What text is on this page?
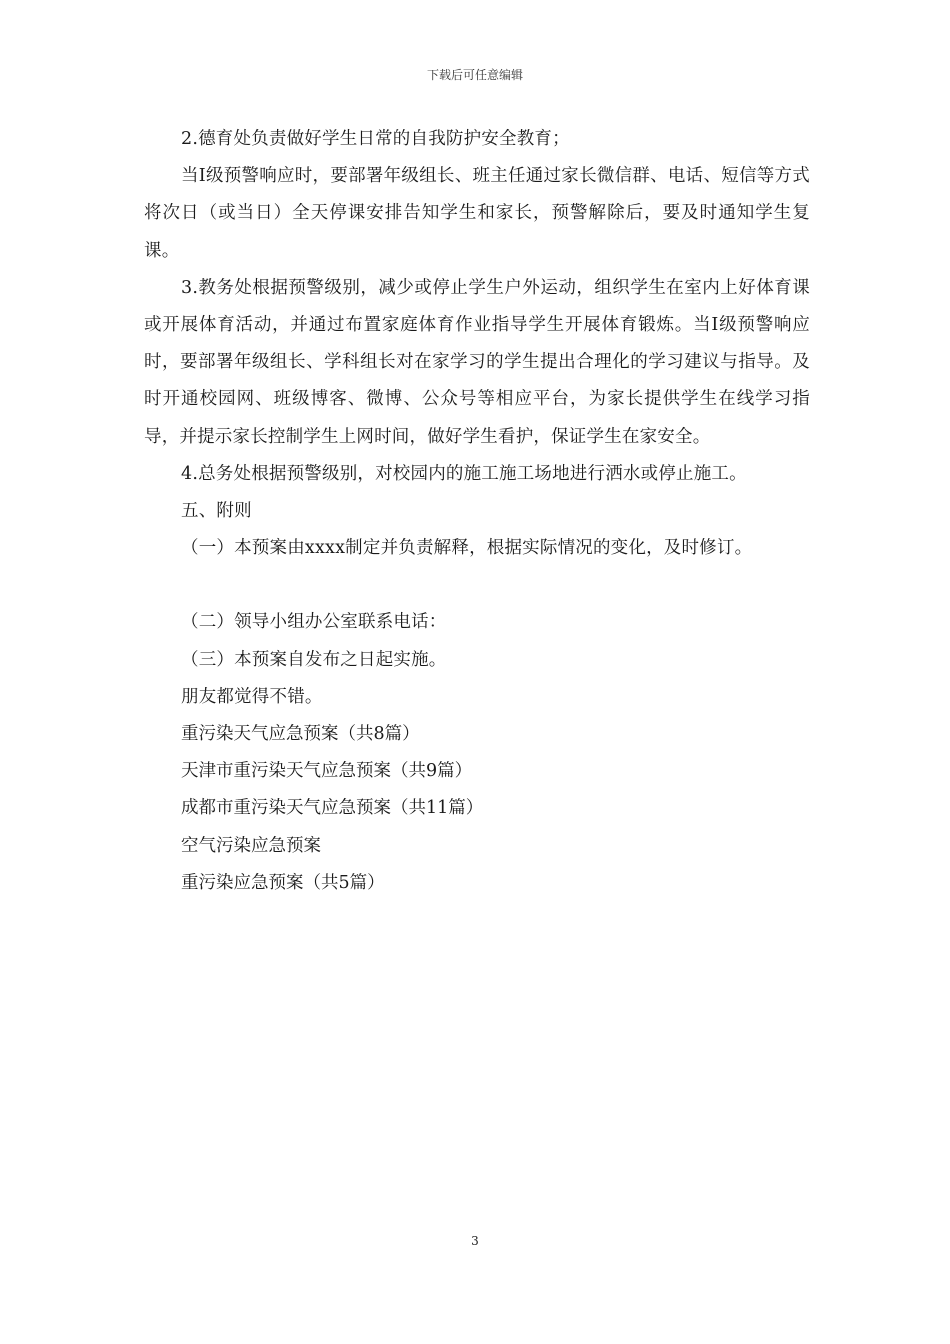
下载后可任意编辑

2.德育处负责做好学生日常的自我防护安全教育；

当Ⅰ级预警响应时，要部署年级组长、班主任通过家长微信群、电话、短信等方式将次日（或当日）全天停课安排告知学生和家长，预警解除后，要及时通知学生复课。

3.教务处根据预警级别，减少或停止学生户外运动，组织学生在室内上好体育课或开展体育活动，并通过布置家庭体育作业指导学生开展体育锻炼。当Ⅰ级预警响应时，要部署年级组长、学科组长对在家学习的学生提出合理化的学习建议与指导。及时开通校园网、班级博客、微博、公众号等相应平台，为家长提供学生在线学习指导，并提示家长控制学生上网时间，做好学生看护，保证学生在家安全。

4.总务处根据预警级别，对校园内的施工施工场地进行洒水或停止施工。

五、附则

（一）本预案由xxxx制定并负责解释，根据实际情况的变化，及时修订。

（二）领导小组办公室联系电话：

（三）本预案自发布之日起实施。

朋友都觉得不错。

重污染天气应急预案（共8篇）

天津市重污染天气应急预案（共9篇）

成都市重污染天气应急预案（共11篇）

空气污染应急预案

重污染应急预案（共5篇）

3
